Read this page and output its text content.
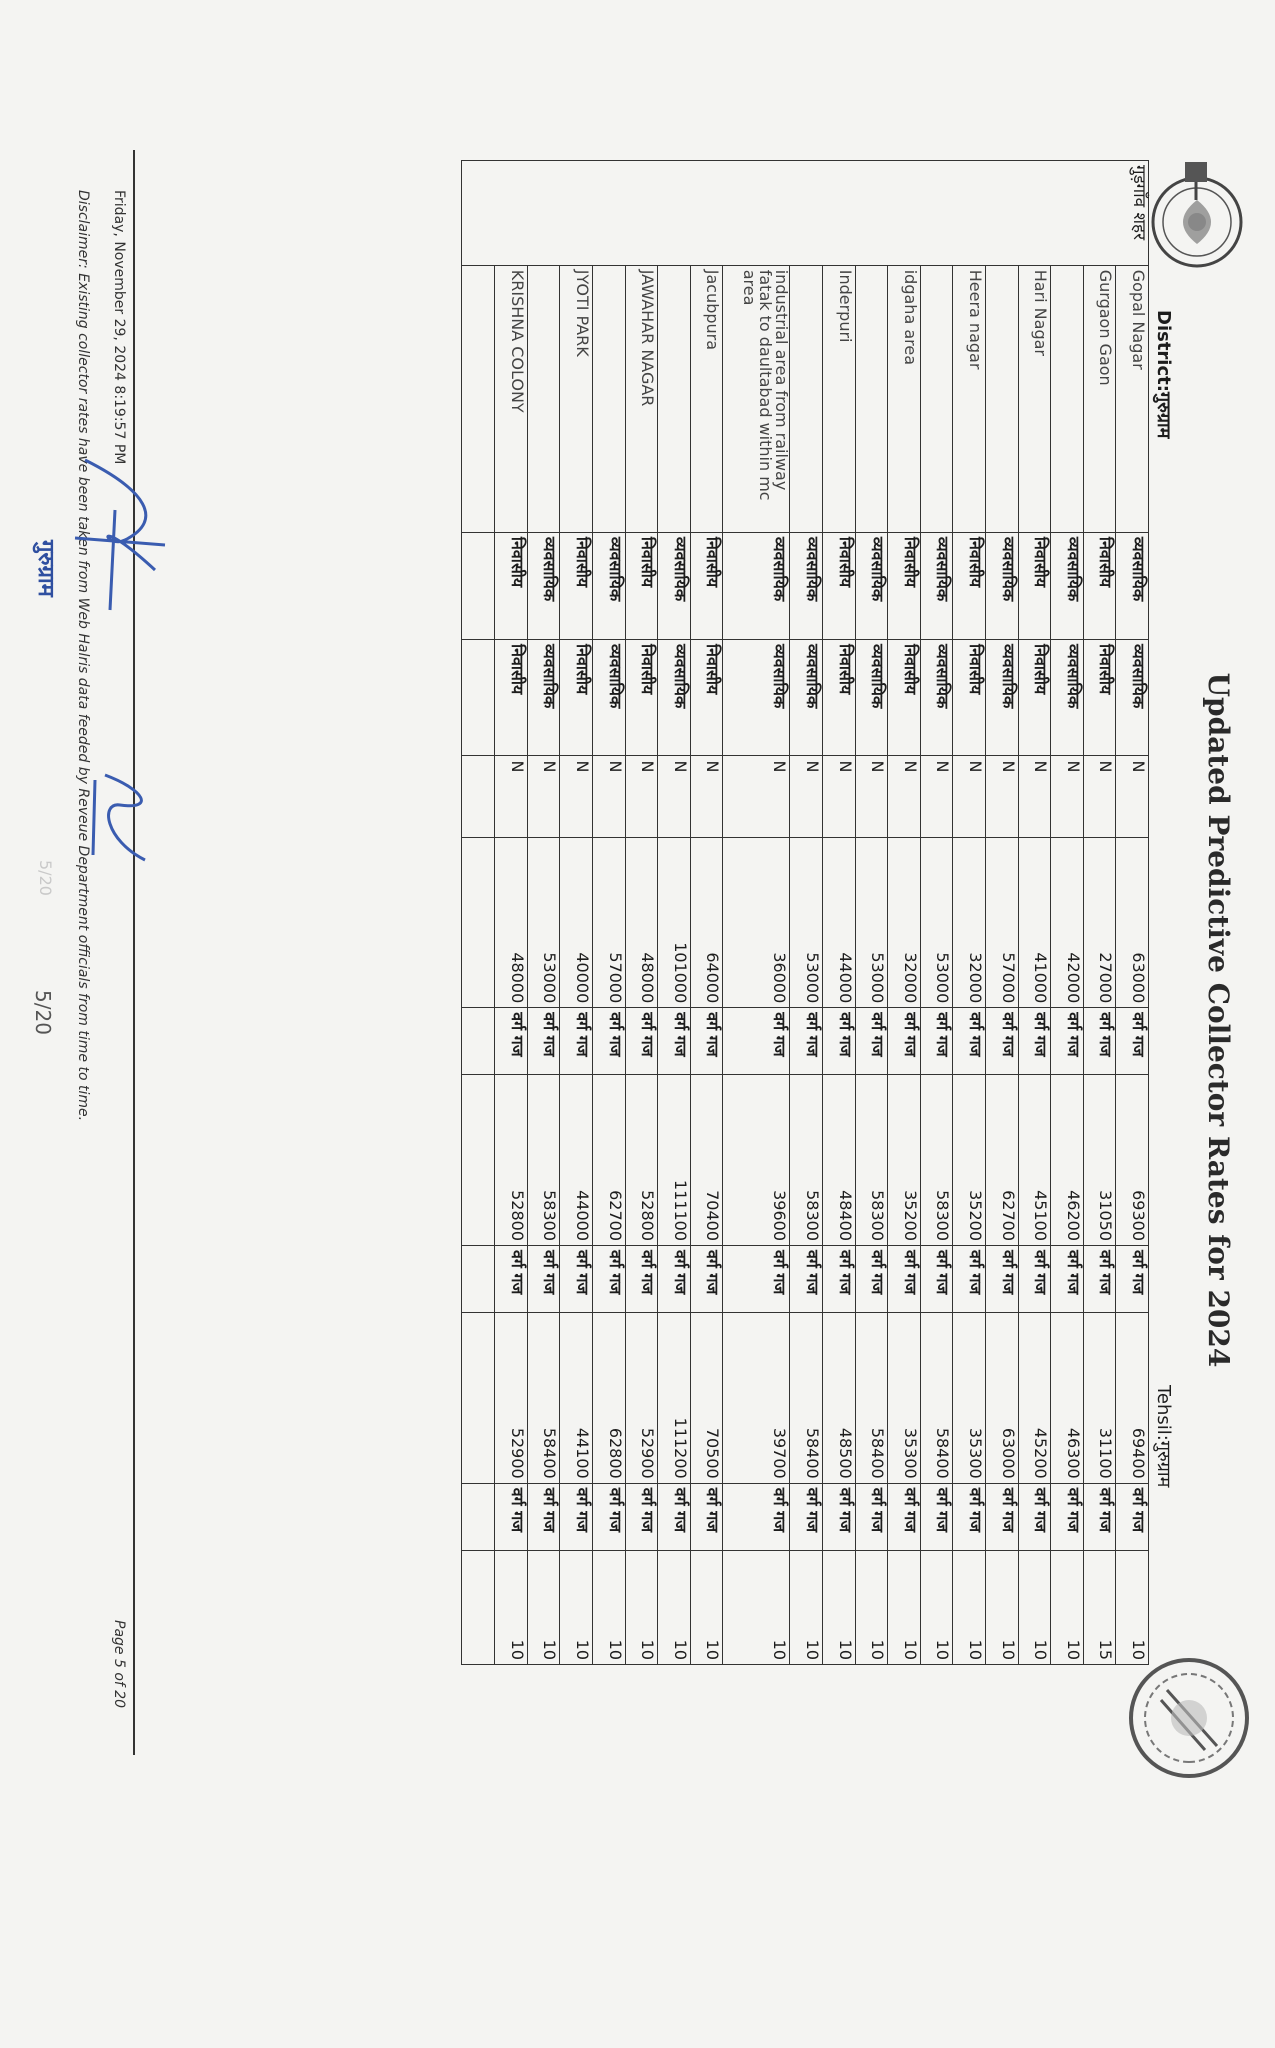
Updated Predictive Collector Rates for 2024
District:गुरुग्राम
Tehsil:गुरुग्राम
गुड़गाँव शहर	Gopal Nagar	व्यवसायिक	व्यवसायिक	N	63000	वर्ग गज	69300	वर्ग गज	69400	वर्ग गज	10
	Gurgaon Gaon	निवासीय	निवासीय	N	27000	वर्ग गज	31050	वर्ग गज	31100	वर्ग गज	15
		व्यवसायिक	व्यवसायिक	N	42000	वर्ग गज	46200	वर्ग गज	46300	वर्ग गज	10
	Hari Nagar	निवासीय	निवासीय	N	41000	वर्ग गज	45100	वर्ग गज	45200	वर्ग गज	10
		व्यवसायिक	व्यवसायिक	N	57000	वर्ग गज	62700	वर्ग गज	63000	वर्ग गज	10
	Heera nagar	निवासीय	निवासीय	N	32000	वर्ग गज	35200	वर्ग गज	35300	वर्ग गज	10
		व्यवसायिक	व्यवसायिक	N	53000	वर्ग गज	58300	वर्ग गज	58400	वर्ग गज	10
	idgaha area	निवासीय	निवासीय	N	32000	वर्ग गज	35200	वर्ग गज	35300	वर्ग गज	10
		व्यवसायिक	व्यवसायिक	N	53000	वर्ग गज	58300	वर्ग गज	58400	वर्ग गज	10
	Inderpuri	निवासीय	निवासीय	N	44000	वर्ग गज	48400	वर्ग गज	48500	वर्ग गज	10
		व्यवसायिक	व्यवसायिक	N	53000	वर्ग गज	58300	वर्ग गज	58400	वर्ग गज	10
	industrial area from railway fatak to daultabad within mc area	व्यवसायिक	व्यवसायिक	N	36000	वर्ग गज	39600	वर्ग गज	39700	वर्ग गज	10
	Jacubpura	निवासीय	निवासीय	N	64000	वर्ग गज	70400	वर्ग गज	70500	वर्ग गज	10
		व्यवसायिक	व्यवसायिक	N	101000	वर्ग गज	111100	वर्ग गज	111200	वर्ग गज	10
	JAWAHAR NAGAR	निवासीय	निवासीय	N	48000	वर्ग गज	52800	वर्ग गज	52900	वर्ग गज	10
		व्यवसायिक	व्यवसायिक	N	57000	वर्ग गज	62700	वर्ग गज	62800	वर्ग गज	10
	JYOTI PARK	निवासीय	निवासीय	N	40000	वर्ग गज	44000	वर्ग गज	44100	वर्ग गज	10
		व्यवसायिक	व्यवसायिक	N	53000	वर्ग गज	58300	वर्ग गज	58400	वर्ग गज	10
	KRISHNA COLONY	निवासीय	निवासीय	N	48000	वर्ग गज	52800	वर्ग गज	52900	वर्ग गज	10

Friday, November 29, 2024 8:19:57 PM
Page 5 of 20
Disclaimer: Existing collector rates have been taken from Web Halris data feeded by Reveue Department officials from time to time.
गुरुग्राम
5/20
5/20
